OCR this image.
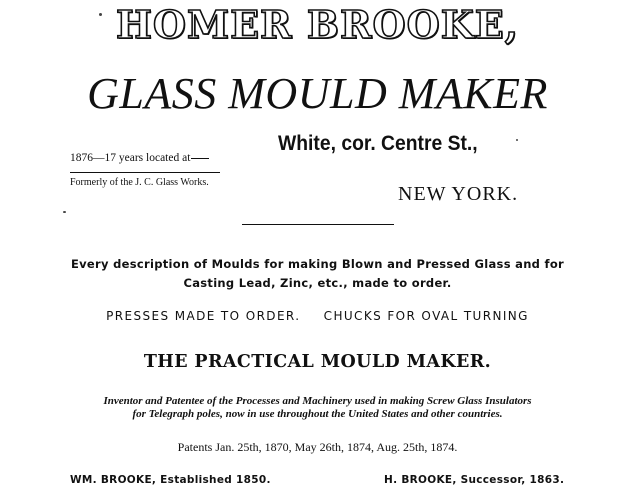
HOMER BROOKE,
GLASS MOULD MAKER
1876—17 years located at
Formerly of the J. C. Glass Works.
White, cor. Centre St.,
NEW YORK.
Every description of Moulds for making Blown and Pressed Glass and for
Casting Lead, Zinc, etc., made to order.
PRESSES MADE TO ORDER. CHUCKS FOR OVAL TURNING
THE PRACTICAL MOULD MAKER.
Inventor and Patentee of the Processes and Machinery used in making Screw Glass Insulators
for Telegraph poles, now in use throughout the United States and other countries.
Patents Jan. 25th, 1870, May 26th, 1874, Aug. 25th, 1874.
WM. BROOKE, Established 1850.	H. BROOKE, Successor, 1863.
